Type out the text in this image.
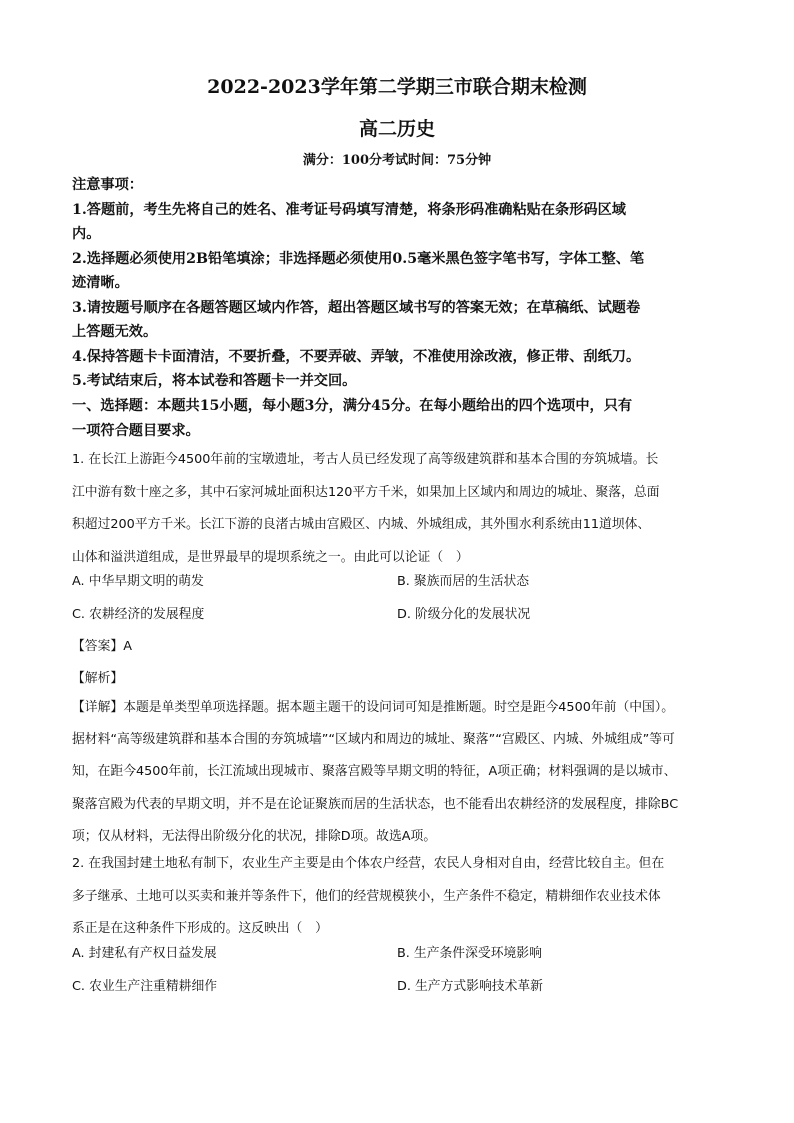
2022-2023学年第二学期三市联合期末检测
高二历史
满分：100分考试时间：75分钟

注意事项：

1.答题前，考生先将自己的姓名、准考证号码填写清楚，将条形码准确粘贴在条形码区域

内。

2.选择题必须使用2B铅笔填涂；非选择题必须使用0.5毫米黑色签字笔书写，字体工整、笔

迹清晰。

3.请按题号顺序在各题答题区域内作答，超出答题区域书写的答案无效；在草稿纸、试题卷

上答题无效。

4.保持答题卡卡面清洁，不要折叠，不要弄破、弄皱，不准使用涂改液，修正带、刮纸刀。

5.考试结束后，将本试卷和答题卡一并交回。

一、选择题：本题共15小题，每小题3分，满分45分。在每小题给出的四个选项中，只有

一项符合题目要求。

1. 在长江上游距今4500年前的宝墩遗址，考古人员已经发现了高等级建筑群和基本合围的夯筑城墙。长

江中游有数十座之多，其中石家河城址面积达120平方千米，如果加上区域内和周边的城址、聚落，总面

积超过200平方千米。长江下游的良渚古城由宫殿区、内城、外城组成，其外围水利系统由11道坝体、

山体和溢洪道组成，是世界最早的堤坝系统之一。由此可以论证（　）

A. 中华早期文明的萌发	B. 聚族而居的生活状态
C. 农耕经济的发展程度	D. 阶级分化的发展状况
【答案】A
【解析】

【详解】本题是单类型单项选择题。据本题主题干的设问词可知是推断题。时空是距今4500年前（中国）。

据材料“高等级建筑群和基本合围的夯筑城墙”“区域内和周边的城址、聚落”“宫殿区、内城、外城组成”等可

知，在距今4500年前，长江流域出现城市、聚落宫殿等早期文明的特征，A项正确；材料强调的是以城市、

聚落宫殿为代表的早期文明，并不是在论证聚族而居的生活状态，也不能看出农耕经济的发展程度，排除BC

项；仅从材料，无法得出阶级分化的状况，排除D项。故选A项。

2. 在我国封建土地私有制下，农业生产主要是由个体农户经营，农民人身相对自由，经营比较自主。但在

多子继承、土地可以买卖和兼并等条件下，他们的经营规模狭小，生产条件不稳定，精耕细作农业技术体

系正是在这种条件下形成的。这反映出（　）

A. 封建私有产权日益发展	B. 生产条件深受环境影响
C. 农业生产注重精耕细作	D. 生产方式影响技术革新
